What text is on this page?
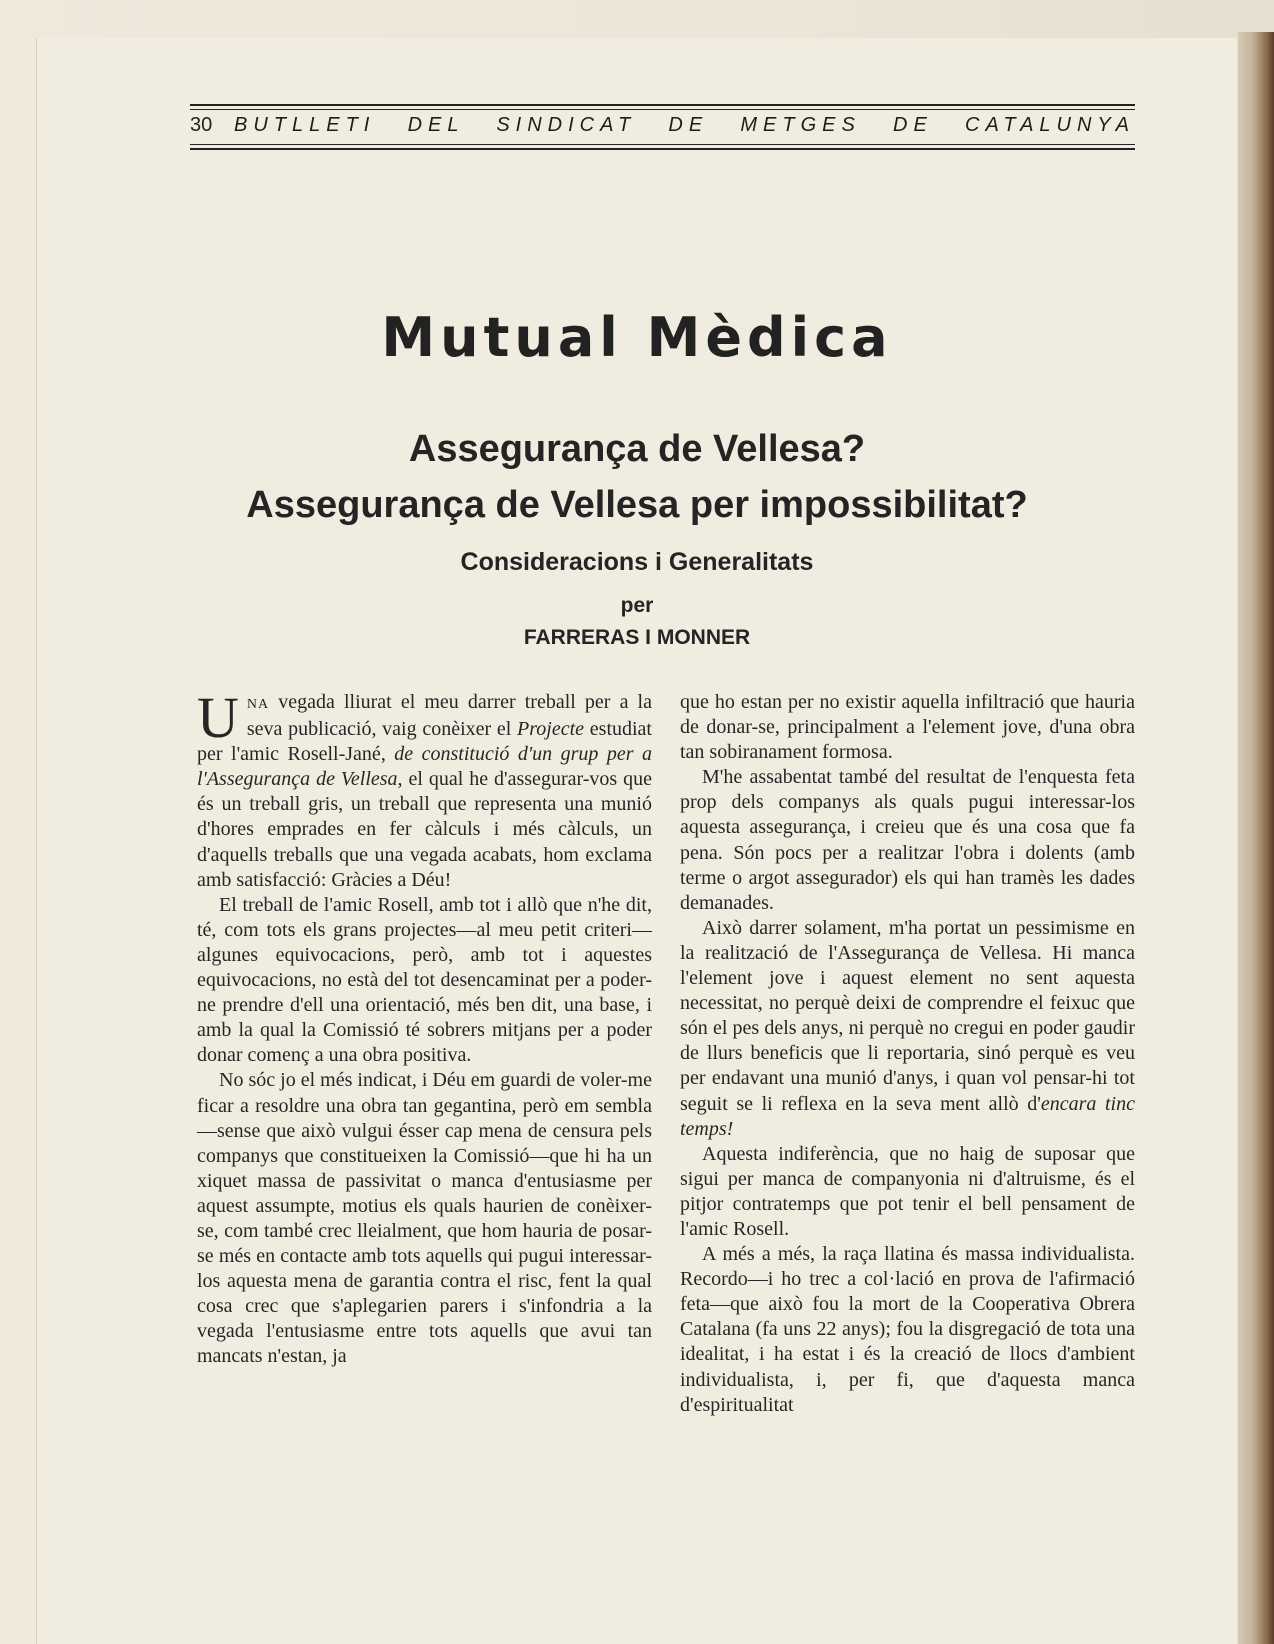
30	BUTLLETI DEL SINDICAT DE METGES DE CATALUNYA
Mutual Mèdica
Assegurança de Vellesa?
Assegurança de Vellesa per impossibilitat?
Consideracions i Generalitats
per
FARRERAS I MONNER

UNA vegada lliurat el meu darrer treball per a la seva publicació, vaig conèixer el Projecte estudiat per l'amic Rosell-Jané, de constitució d'un grup per a l'Assegurança de Vellesa, el qual he d'assegurar-vos que és un treball gris, un treball que representa una munió d'hores emprades en fer càlculs i més càlculs, un d'aquells treballs que una vegada acabats, hom exclama amb satisfacció: Gràcies a Déu!

El treball de l'amic Rosell, amb tot i allò que n'he dit, té, com tots els grans projectes—al meu petit criteri—algunes equivocacions, però, amb tot i aquestes equivocacions, no està del tot desencaminat per a poder-ne prendre d'ell una orientació, més ben dit, una base, i amb la qual la Comissió té sobrers mitjans per a poder donar començ a una obra positiva.

No sóc jo el més indicat, i Déu em guardi de voler-me ficar a resoldre una obra tan gegantina, però em sembla—sense que això vulgui ésser cap mena de censura pels companys que constitueixen la Comissió—que hi ha un xiquet massa de passivitat o manca d'entusiasme per aquest assumpte, motius els quals haurien de conèixer-se, com també crec lleialment, que hom hauria de posar-se més en contacte amb tots aquells qui pugui interessar-los aquesta mena de garantia contra el risc, fent la qual cosa crec que s'aplegarien parers i s'infondria a la vegada l'entusiasme entre tots aquells que avui tan mancats n'estan, ja

que ho estan per no existir aquella infiltració que hauria de donar-se, principalment a l'element jove, d'una obra tan sobiranament formosa.

M'he assabentat també del resultat de l'enquesta feta prop dels companys als quals pugui interessar-los aquesta assegurança, i creieu que és una cosa que fa pena. Són pocs per a realitzar l'obra i dolents (amb terme o argot assegurador) els qui han tramès les dades demanades.

Això darrer solament, m'ha portat un pessimisme en la realització de l'Assegurança de Vellesa. Hi manca l'element jove i aquest element no sent aquesta necessitat, no perquè deixi de comprendre el feixuc que són el pes dels anys, ni perquè no cregui en poder gaudir de llurs beneficis que li reportaria, sinó perquè es veu per endavant una munió d'anys, i quan vol pensar-hi tot seguit se li reflexa en la seva ment allò d'encara tinc temps!

Aquesta indiferència, que no haig de suposar que sigui per manca de companyonia ni d'altruisme, és el pitjor contratemps que pot tenir el bell pensament de l'amic Rosell.

A més a més, la raça llatina és massa individualista. Recordo—i ho trec a col·lació en prova de l'afirmació feta—que això fou la mort de la Cooperativa Obrera Catalana (fa uns 22 anys); fou la disgregació de tota una idealitat, i ha estat i és la creació de llocs d'ambient individualista, i, per fi, que d'aquesta manca d'espiritualitat
